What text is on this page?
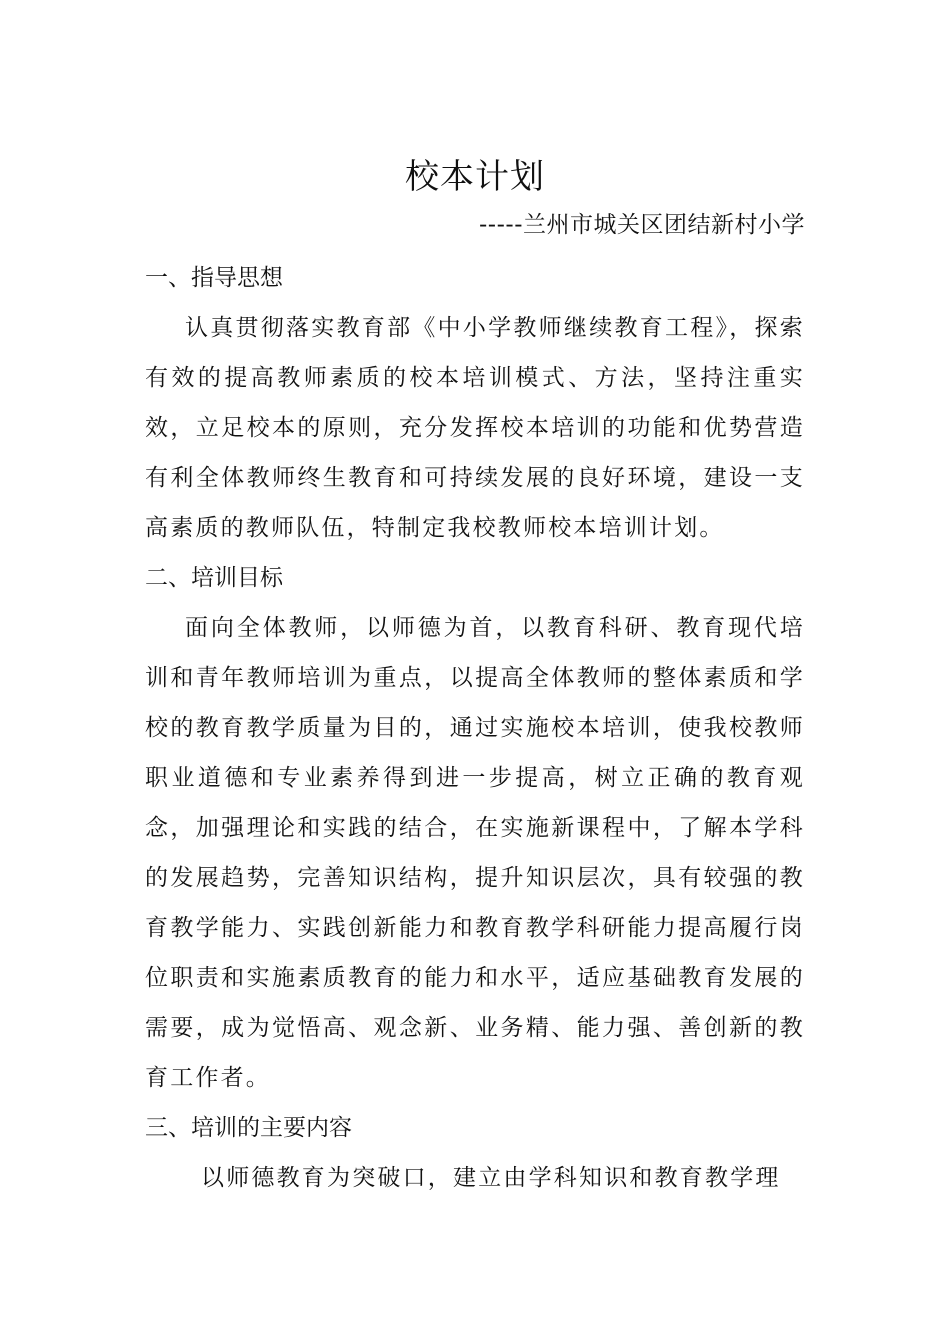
校本计划
-----兰州市城关区团结新村小学

一、指导思想

认真贯彻落实教育部《中小学教师继续教育工程》，探索有效的提高教师素质的校本培训模式、方法，坚持注重实效，立足校本的原则，充分发挥校本培训的功能和优势营造有利全体教师终生教育和可持续发展的良好环境，建设一支高素质的教师队伍，特制定我校教师校本培训计划。

二、培训目标

面向全体教师，以师德为首，以教育科研、教育现代培训和青年教师培训为重点，以提高全体教师的整体素质和学校的教育教学质量为目的，通过实施校本培训，使我校教师职业道德和专业素养得到进一步提高，树立正确的教育观念，加强理论和实践的结合，在实施新课程中，了解本学科的发展趋势，完善知识结构，提升知识层次，具有较强的教育教学能力、实践创新能力和教育教学科研能力提高履行岗位职责和实施素质教育的能力和水平，适应基础教育发展的需要，成为觉悟高、观念新、业务精、能力强、善创新的教育工作者。

三、培训的主要内容

以师德教育为突破口，建立由学科知识和教育教学理
